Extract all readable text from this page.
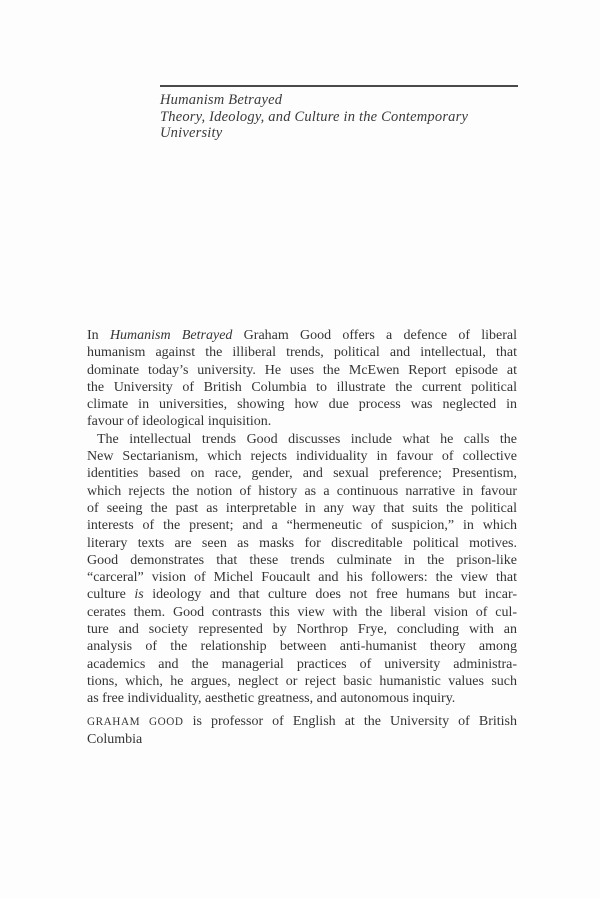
Humanism Betrayed
Theory, Ideology, and Culture in the Contemporary University
In Humanism Betrayed Graham Good offers a defence of liberal
humanism against the illiberal trends, political and intellectual, that
dominate today’s university. He uses the McEwen Report episode at
the University of British Columbia to illustrate the current political
climate in universities, showing how due process was neglected in
favour of ideological inquisition.
The intellectual trends Good discusses include what he calls the
New Sectarianism, which rejects individuality in favour of collective
identities based on race, gender, and sexual preference; Presentism,
which rejects the notion of history as a continuous narrative in favour
of seeing the past as interpretable in any way that suits the political
interests of the present; and a “hermeneutic of suspicion,” in which
literary texts are seen as masks for discreditable political motives.
Good demonstrates that these trends culminate in the prison-like
“carceral” vision of Michel Foucault and his followers: the view that
culture is ideology and that culture does not free humans but incar-
cerates them. Good contrasts this view with the liberal vision of cul-
ture and society represented by Northrop Frye, concluding with an
analysis of the relationship between anti-humanist theory among
academics and the managerial practices of university administra-
tions, which, he argues, neglect or reject basic humanistic values such
as free individuality, aesthetic greatness, and autonomous inquiry.
GRAHAM GOOD is professor of English at the University of British
Columbia
